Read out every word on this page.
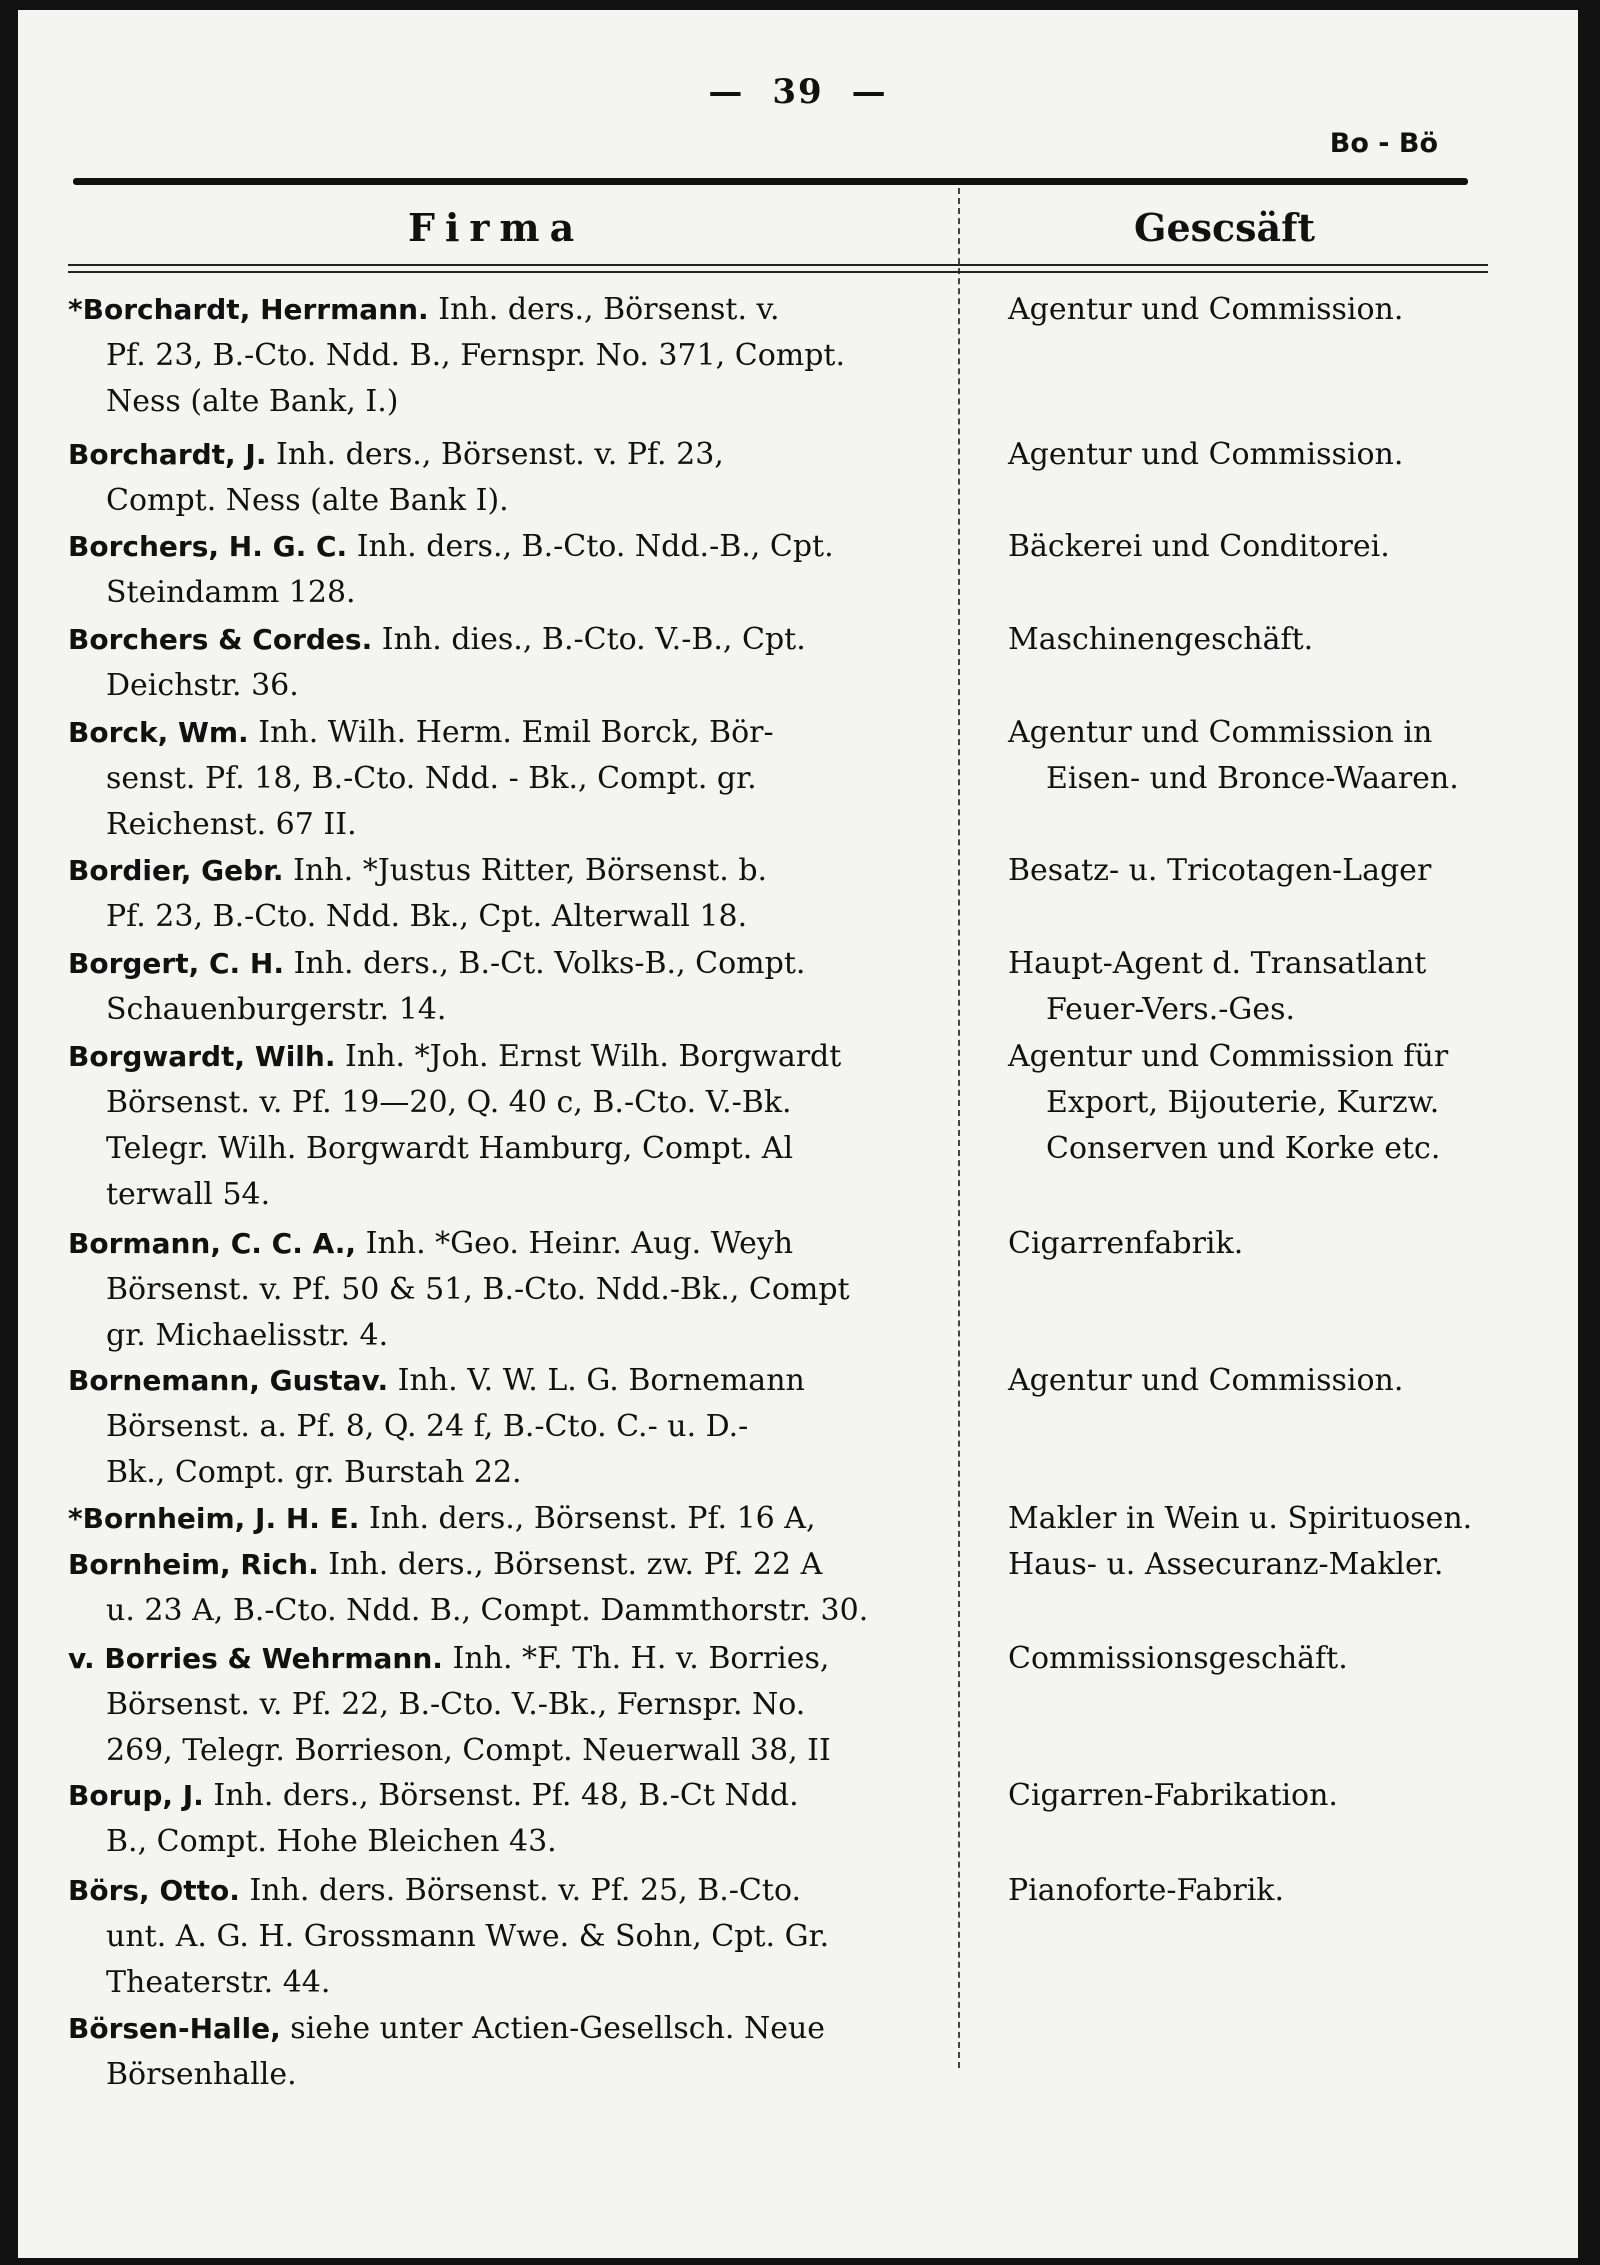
— 39 —
Bo - Bö
Firma	Gescsäft
*Borchardt, Herrmann. Inh. ders., Börsenst. v.
Pf. 23, B.-Cto. Ndd. B., Fernspr. No. 371, Compt.
Ness (alte Bank, I.)
Agentur und Commission.
Borchardt, J. Inh. ders., Börsenst. v. Pf. 23,
Compt. Ness (alte Bank I).
Agentur und Commission.
Borchers, H. G. C. Inh. ders., B.-Cto. Ndd.-B., Cpt.
Steindamm 128.
Bäckerei und Conditorei.
Borchers & Cordes. Inh. dies., B.-Cto. V.-B., Cpt.
Deichstr. 36.
Maschinengeschäft.
Borck, Wm. Inh. Wilh. Herm. Emil Borck, Bör-
senst. Pf. 18, B.-Cto. Ndd. - Bk., Compt. gr.
Reichenst. 67 II.
Agentur und Commission in
Eisen- und Bronce-Waaren.
Bordier, Gebr. Inh. *Justus Ritter, Börsenst. b.
Pf. 23, B.-Cto. Ndd. Bk., Cpt. Alterwall 18.
Besatz- u. Tricotagen-Lager
Borgert, C. H. Inh. ders., B.-Ct. Volks-B., Compt.
Schauenburgerstr. 14.
Haupt-Agent d. Transatlant
Feuer-Vers.-Ges.
Borgwardt, Wilh. Inh. *Joh. Ernst Wilh. Borgwardt
Börsenst. v. Pf. 19—20, Q. 40 c, B.-Cto. V.-Bk.
Telegr. Wilh. Borgwardt Hamburg, Compt. Al
terwall 54.
Agentur und Commission für
Export, Bijouterie, Kurzw.
Conserven und Korke etc.
Bormann, C. C. A., Inh. *Geo. Heinr. Aug. Weyh
Börsenst. v. Pf. 50 & 51, B.-Cto. Ndd.-Bk., Compt
gr. Michaelisstr. 4.
Cigarrenfabrik.
Bornemann, Gustav. Inh. V. W. L. G. Bornemann
Börsenst. a. Pf. 8, Q. 24 f, B.-Cto. C.- u. D.-
Bk., Compt. gr. Burstah 22.
Agentur und Commission.
*Bornheim, J. H. E. Inh. ders., Börsenst. Pf. 16 A,	Makler in Wein u. Spirituosen.
Bornheim, Rich. Inh. ders., Börsenst. zw. Pf. 22 A
u. 23 A, B.-Cto. Ndd. B., Compt. Dammthorstr. 30.
Haus- u. Assecuranz-Makler.
v. Borries & Wehrmann. Inh. *F. Th. H. v. Borries,
Börsenst. v. Pf. 22, B.-Cto. V.-Bk., Fernspr. No.
269, Telegr. Borrieson, Compt. Neuerwall 38, II
Commissionsgeschäft.
Borup, J. Inh. ders., Börsenst. Pf. 48, B.-Ct Ndd.
B., Compt. Hohe Bleichen 43.
Cigarren-Fabrikation.
Börs, Otto. Inh. ders. Börsenst. v. Pf. 25, B.-Cto.
unt. A. G. H. Grossmann Wwe. & Sohn, Cpt. Gr.
Theaterstr. 44.
Pianoforte-Fabrik.
Börsen-Halle, siehe unter Actien-Gesellsch. Neue
Börsenhalle.
